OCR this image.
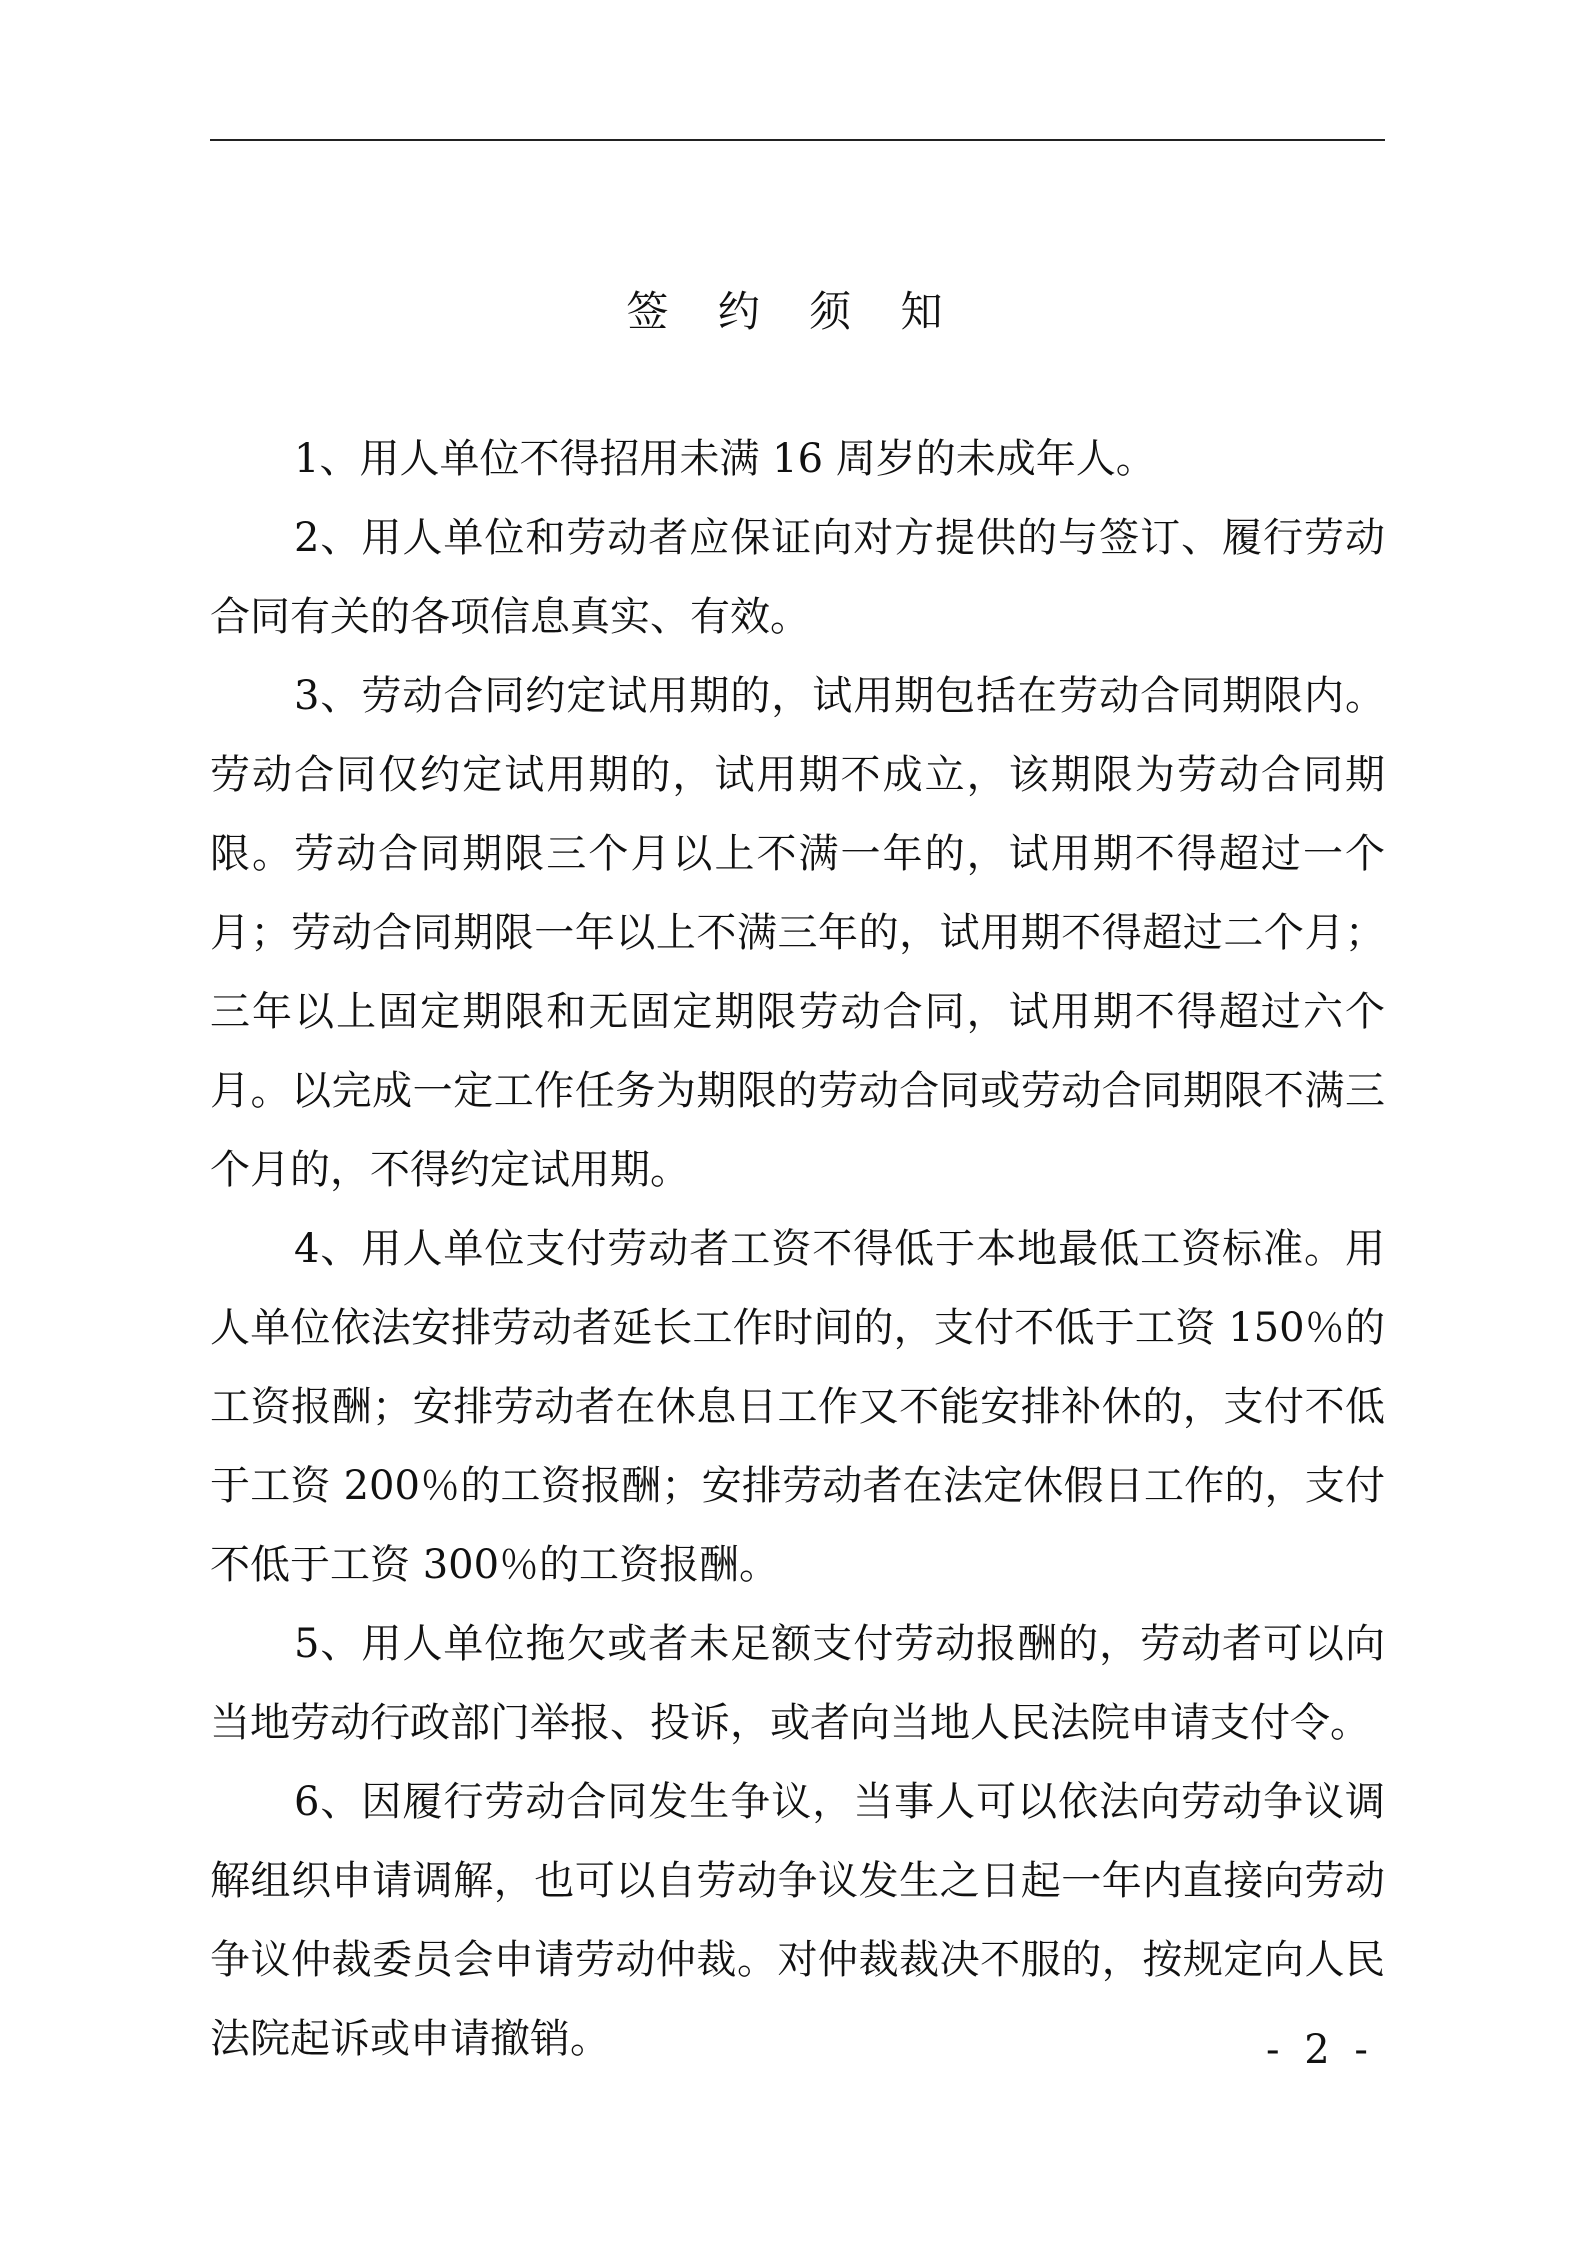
签 约 须 知

1、用人单位不得招用未满 16 周岁的未成年人。

2、用人单位和劳动者应保证向对方提供的与签订、履行劳动合同有关的各项信息真实、有效。

3、劳动合同约定试用期的，试用期包括在劳动合同期限内。劳动合同仅约定试用期的，试用期不成立，该期限为劳动合同期限。劳动合同期限三个月以上不满一年的，试用期不得超过一个月；劳动合同期限一年以上不满三年的，试用期不得超过二个月；三年以上固定期限和无固定期限劳动合同，试用期不得超过六个月。以完成一定工作任务为期限的劳动合同或劳动合同期限不满三个月的，不得约定试用期。

4、用人单位支付劳动者工资不得低于本地最低工资标准。用人单位依法安排劳动者延长工作时间的，支付不低于工资 150％的工资报酬；安排劳动者在休息日工作又不能安排补休的，支付不低于工资 200％的工资报酬；安排劳动者在法定休假日工作的，支付不低于工资 300％的工资报酬。

5、用人单位拖欠或者未足额支付劳动报酬的，劳动者可以向当地劳动行政部门举报、投诉，或者向当地人民法院申请支付令。

6、因履行劳动合同发生争议，当事人可以依法向劳动争议调解组织申请调解，也可以自劳动争议发生之日起一年内直接向劳动争议仲裁委员会申请劳动仲裁。对仲裁裁决不服的，按规定向人民法院起诉或申请撤销。	- 2 -
